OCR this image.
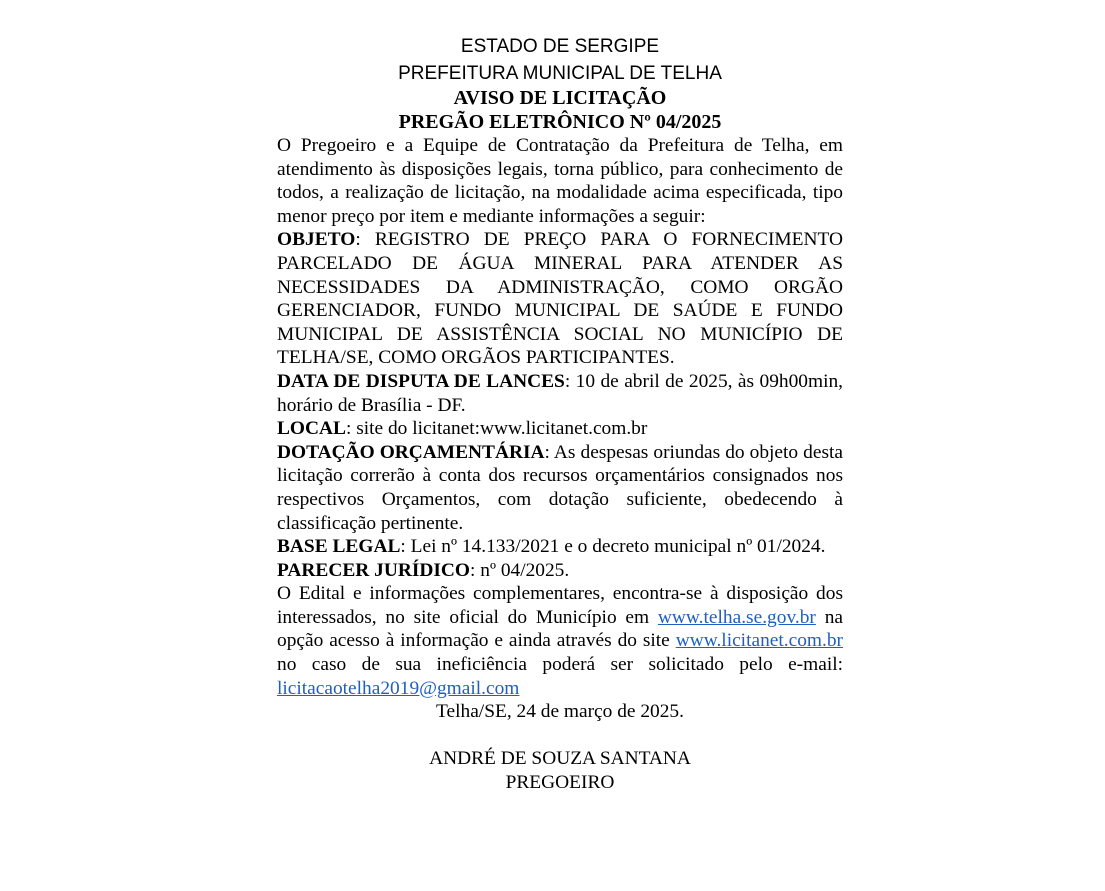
ESTADO DE SERGIPE
PREFEITURA MUNICIPAL DE TELHA
AVISO DE LICITAÇÃO
PREGÃO ELETRÔNICO Nº 04/2025

O Pregoeiro e a Equipe de Contratação da Prefeitura de Telha, em atendimento às disposições legais, torna público, para conhecimento de todos, a realização de licitação, na modalidade acima especificada, tipo menor preço por item e mediante informações a seguir:

OBJETO: REGISTRO DE PREÇO PARA O FORNECIMENTO PARCELADO DE ÁGUA MINERAL PARA ATENDER AS NECESSIDADES DA ADMINISTRAÇÃO, COMO ORGÃO GERENCIADOR, FUNDO MUNICIPAL DE SAÚDE E FUNDO MUNICIPAL DE ASSISTÊNCIA SOCIAL NO MUNICÍPIO DE TELHA/SE, COMO ORGÃOS PARTICIPANTES.

DATA DE DISPUTA DE LANCES: 10 de abril de 2025, às 09h00min, horário de Brasília - DF.

LOCAL: site do licitanet:www.licitanet.com.br

DOTAÇÃO ORÇAMENTÁRIA: As despesas oriundas do objeto desta licitação correrão à conta dos recursos orçamentários consignados nos respectivos Orçamentos, com dotação suficiente, obedecendo à classificação pertinente.

BASE LEGAL: Lei nº 14.133/2021 e o decreto municipal nº 01/2024.

PARECER JURÍDICO: nº 04/2025.

O Edital e informações complementares, encontra-se à disposição dos interessados, no site oficial do Município em www.telha.se.gov.br na opção acesso à informação e ainda através do site www.licitanet.com.br no caso de sua ineficiência poderá ser solicitado pelo e-mail: licitacaotelha2019@gmail.com

Telha/SE, 24 de março de 2025.

ANDRÉ DE SOUZA SANTANA

PREGOEIRO
